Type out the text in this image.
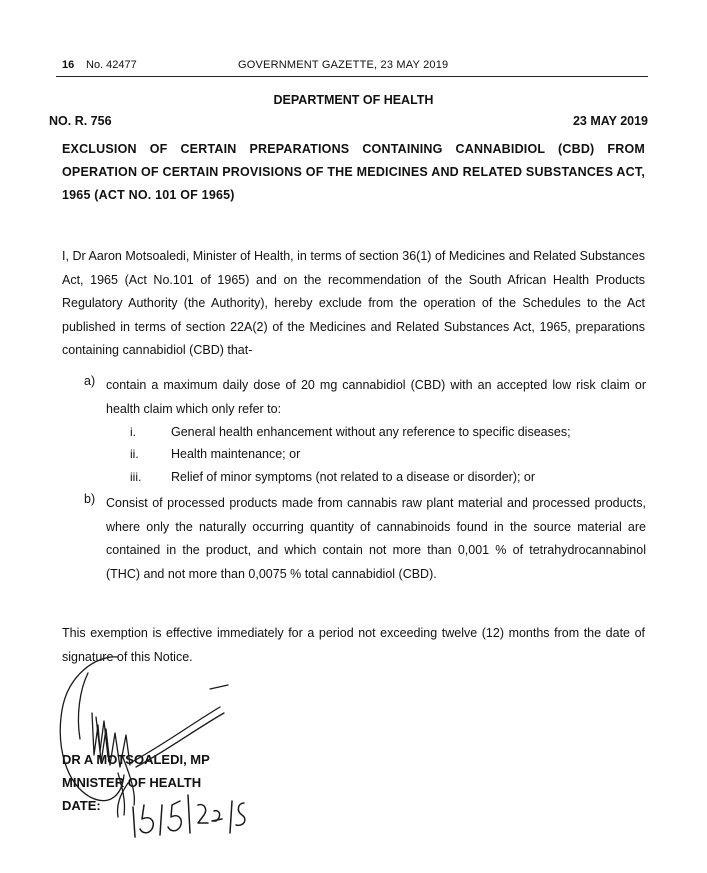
16 No. 42477	GOVERNMENT GAZETTE, 23 MAY 2019
DEPARTMENT OF HEALTH
NO. R. 756	23 MAY 2019
EXCLUSION OF CERTAIN PREPARATIONS CONTAINING CANNABIDIOL (CBD) FROM OPERATION OF CERTAIN PROVISIONS OF THE MEDICINES AND RELATED SUBSTANCES ACT, 1965 (ACT NO. 101 OF 1965)
I, Dr Aaron Motsoaledi, Minister of Health, in terms of section 36(1) of Medicines and Related Substances Act, 1965 (Act No.101 of 1965) and on the recommendation of the South African Health Products Regulatory Authority (the Authority), hereby exclude from the operation of the Schedules to the Act published in terms of section 22A(2) of the Medicines and Related Substances Act, 1965, preparations containing cannabidiol (CBD) that-
a) contain a maximum daily dose of 20 mg cannabidiol (CBD) with an accepted low risk claim or health claim which only refer to:
i.	General health enhancement without any reference to specific diseases;
ii.	Health maintenance; or
iii. Relief of minor symptoms (not related to a disease or disorder); or
b) Consist of processed products made from cannabis raw plant material and processed products, where only the naturally occurring quantity of cannabinoids found in the source material are contained in the product, and which contain not more than 0,001 % of tetrahydrocannabinol (THC) and not more than 0,0075 % total cannabidiol (CBD).
This exemption is effective immediately for a period not exceeding twelve (12) months from the date of signature of this Notice.
DR A MOTSOALEDI, MP
MINISTER OF HEALTH
DATE:
